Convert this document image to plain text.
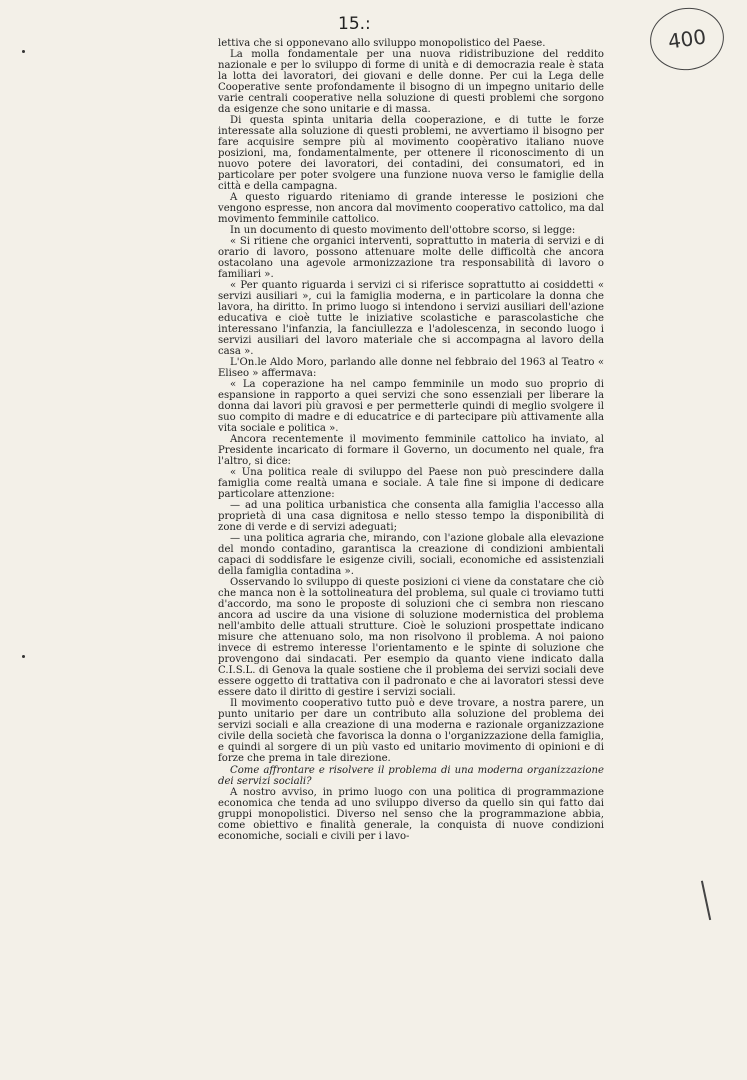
15.:
400

lettiva che si opponevano allo sviluppo monopolistico del Paese.

La molla fondamentale per una nuova ridistribuzione del reddito nazionale e per lo sviluppo di forme di unità e di democrazia reale è stata la lotta dei lavoratori, dei giovani e delle donne. Per cui la Lega delle Cooperative sente profondamente il bisogno di un impegno unitario delle varie centrali cooperative nella soluzione di questi problemi che sorgono da esigenze che sono unitarie e di massa.

Di questa spinta unitaria della cooperazione, e di tutte le forze interessate alla soluzione di questi problemi, ne avvertiamo il bisogno per fare acquisire sempre più al movimento coopèrativo italiano nuove posizioni, ma, fondamentalmente, per ottenere il riconoscimento di un nuovo potere dei lavoratori, dei contadini, dei consumatori, ed in particolare per poter svolgere una funzione nuova verso le famiglie della città e della campagna.

A questo riguardo riteniamo di grande interesse le posizioni che vengono espresse, non ancora dal movimento cooperativo cattolico, ma dal movimento femminile cattolico.

In un documento di questo movimento dell'ottobre scorso, si legge:

« Si ritiene che organici interventi, soprattutto in materia di servizi e di orario di lavoro, possono attenuare molte delle difficoltà che ancora ostacolano una agevole armonizzazione tra responsabilità di lavoro o familiari ».

« Per quanto riguarda i servizi ci si riferisce soprattutto ai cosiddetti « servizi ausiliari », cui la famiglia moderna, e in particolare la donna che lavora, ha diritto. In primo luogo si intendono i servizi ausiliari dell'azione educativa e cioè tutte le iniziative scolastiche e parascolastiche che interessano l'infanzia, la fanciullezza e l'adolescenza, in secondo luogo i servizi ausiliari del lavoro materiale che si accompagna al lavoro della casa ».

L'On.le Aldo Moro, parlando alle donne nel febbraio del 1963 al Teatro « Eliseo » affermava:

« La coperazione ha nel campo femminile un modo suo proprio di espansione in rapporto a quei servizi che sono essenziali per liberare la donna dai lavori più gravosi e per permetterle quindi di meglio svolgere il suo compito di madre e di educatrice e di partecipare più attivamente alla vita sociale e politica ».

Ancora recentemente il movimento femminile cattolico ha inviato, al Presidente incaricato di formare il Governo, un documento nel quale, fra l'altro, si dice:

« Una politica reale di sviluppo del Paese non può prescindere dalla famiglia come realtà umana e sociale. A tale fine si impone di dedicare particolare attenzione:

— ad una politica urbanistica che consenta alla famiglia l'accesso alla proprietà di una casa dignitosa e nello stesso tempo la disponibilità di zone di verde e di servizi adeguati;

— una politica agraria che, mirando, con l'azione globale alla elevazione del mondo contadino, garantisca la creazione di condizioni ambientali capaci di soddisfare le esigenze civili, sociali, economiche ed assistenziali della famiglia contadina ».

Osservando lo sviluppo di queste posizioni ci viene da constatare che ciò che manca non è la sottolineatura del problema, sul quale ci troviamo tutti d'accordo, ma sono le proposte di soluzioni che ci sembra non riescano ancora ad uscire da una visione di soluzione modernistica del problema nell'ambito delle attuali strutture. Cioè le soluzioni prospettate indicano misure che attenuano solo, ma non risolvono il problema. A noi paiono invece di estremo interesse l'orientamento e le spinte di soluzione che provengono dai sindacati. Per esempio da quanto viene indicato dalla C.I.S.L. di Genova la quale sostiene che il problema dei servizi sociali deve essere oggetto di trattativa con il padronato e che ai lavoratori stessi deve essere dato il diritto di gestire i servizi sociali.

Il movimento cooperativo tutto può e deve trovare, a nostra parere, un punto unitario per dare un contributo alla soluzione del problema dei servizi sociali e alla creazione di una moderna e razionale organizzazione civile della società che favorisca la donna o l'organizzazione della famiglia, e quindi al sorgere di un più vasto ed unitario movimento di opinioni e di forze che prema in tale direzione.

Come affrontare e risolvere il problema di una moderna organizzazione dei servizi sociali?

A nostro avviso, in primo luogo con una politica di programmazione economica che tenda ad uno sviluppo diverso da quello sin qui fatto dai gruppi monopolistici. Diverso nel senso che la programmazione abbia, come obiettivo e finalità generale, la conquista di nuove condizioni economiche, sociali e civili per i lavo-
